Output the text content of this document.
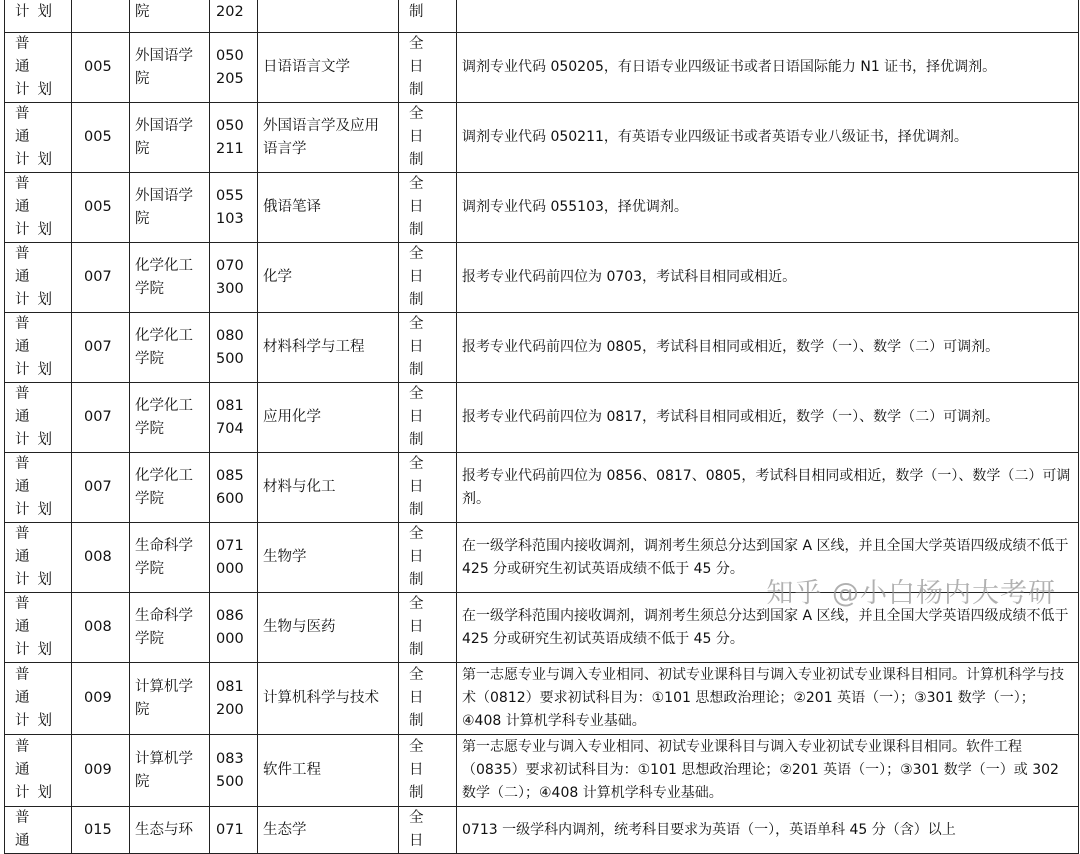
计划		院	202		制	
普 通 计划	005	外国语学院	050205	日语语言文学	全 日 制	调剂专业代码 050205，有日语专业四级证书或者日语国际能力 N1 证书，择优调剂。
普 通 计划	005	外国语学院	050211	外国语言学及应用语言学	全 日 制	调剂专业代码 050211，有英语专业四级证书或者英语专业八级证书，择优调剂。
普 通 计划	005	外国语学院	055103	俄语笔译	全 日 制	调剂专业代码 055103，择优调剂。
普 通 计划	007	化学化工学院	070300	化学	全 日 制	报考专业代码前四位为 0703，考试科目相同或相近。
普 通 计划	007	化学化工学院	080500	材料科学与工程	全 日 制	报考专业代码前四位为 0805，考试科目相同或相近，数学（一）、数学（二）可调剂。
普 通 计划	007	化学化工学院	081704	应用化学	全 日 制	报考专业代码前四位为 0817，考试科目相同或相近，数学（一）、数学（二）可调剂。
普 通 计划	007	化学化工学院	085600	材料与化工	全 日 制	报考专业代码前四位为 0856、0817、0805，考试科目相同或相近，数学（一）、数学（二）可调剂。
普 通 计划	008	生命科学学院	071000	生物学	全 日 制	在一级学科范围内接收调剂，调剂考生须总分达到国家 A 区线，并且全国大学英语四级成绩不低于 425 分或研究生初试英语成绩不低于 45 分。
普 通 计划	008	生命科学学院	086000	生物与医药	全 日 制	在一级学科范围内接收调剂，调剂考生须总分达到国家 A 区线，并且全国大学英语四级成绩不低于 425 分或研究生初试英语成绩不低于 45 分。
普 通 计划	009	计算机学院	081200	计算机科学与技术	全 日 制	第一志愿专业与调入专业相同、初试专业课科目与调入专业初试专业课科目相同。计算机科学与技术（0812）要求初试科目为：①101 思想政治理论；②201 英语（一）；③301 数学（一）；④408 计算机学科专业基础。
普 通 计划	009	计算机学院	083500	软件工程	全 日 制	第一志愿专业与调入专业相同、初试专业课科目与调入专业初试专业课科目相同。软件工程（0835）要求初试科目为：①101 思想政治理论；②201 英语（一）；③301 数学（一）或 302 数学（二）；④408 计算机学科专业基础。
普 通	015	生态与环	071	生态学	全 日	0713 一级学科内调剂，统考科目要求为英语（一），英语单科 45 分（含）以上
知乎 @小白杨内大考研
